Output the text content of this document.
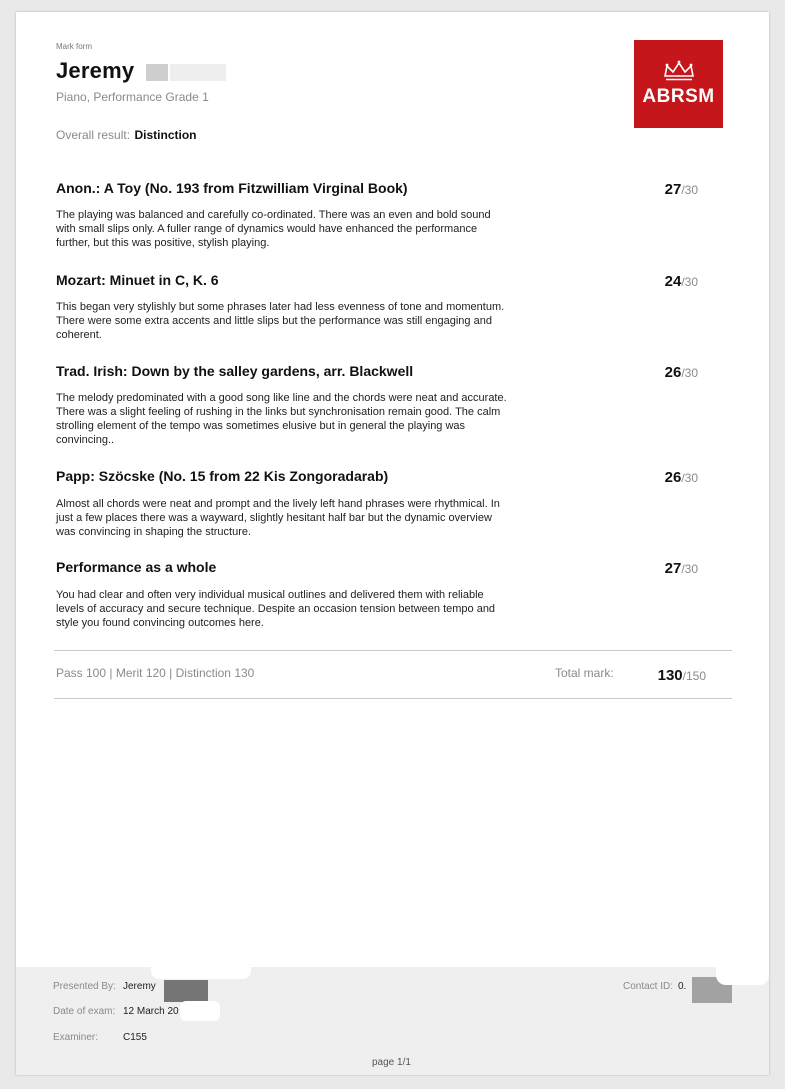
Mark form
Jeremy
Piano, Performance Grade 1
Overall result: Distinction
ABRSM
Anon.: A Toy (No. 193 from Fitzwilliam Virginal Book)	27/30
The playing was balanced and carefully co-ordinated. There was an even and bold sound
with small slips only. A fuller range of dynamics would have enhanced the performance
further, but this was positive, stylish playing.
Mozart: Minuet in C, K. 6	24/30
This began very stylishly but some phrases later had less evenness of tone and momentum.
There were some extra accents and little slips but the performance was still engaging and
coherent.
Trad. Irish: Down by the salley gardens, arr. Blackwell	26/30
The melody predominated with a good song like line and the chords were neat and accurate.
There was a slight feeling of rushing in the links but synchronisation remain good. The calm
strolling element of the tempo was sometimes elusive but in general the playing was
convincing..
Papp: Szöcske (No. 15 from 22 Kis Zongoradarab)	26/30
Almost all chords were neat and prompt and the lively left hand phrases were rhythmical. In
just a few places there was a wayward, slightly hesitant half bar but the dynamic overview
was convincing in shaping the structure.
Performance as a whole	27/30
You had clear and often very individual musical outlines and delivered them with reliable
levels of accuracy and secure technique. Despite an occasion tension between tempo and
style you found convincing outcomes here.
Pass 100 | Merit 120 | Distinction 130	Total mark:	130/150
Presented By: Jeremy
Date of exam: 12 March 20
Examiner: C155
Contact ID: 0.
page 1/1
